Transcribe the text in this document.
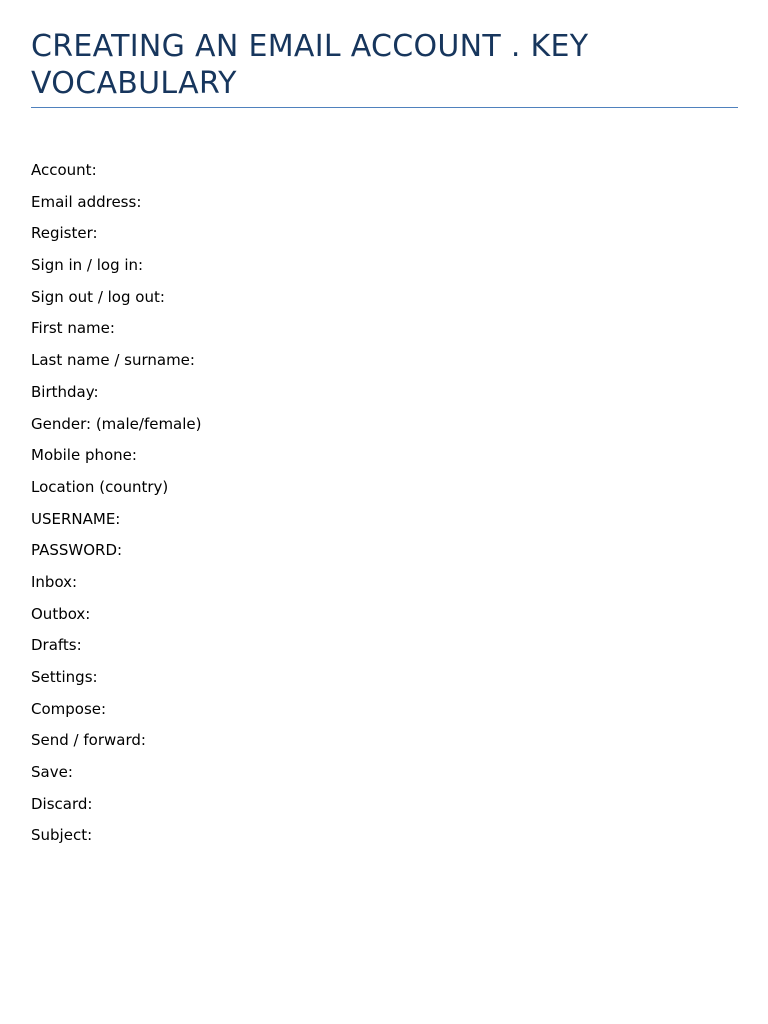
CREATING AN EMAIL ACCOUNT . KEY VOCABULARY
Account:
Email address:
Register:
Sign in / log in:
Sign out / log out:
First name:
Last name / surname:
Birthday:
Gender: (male/female)
Mobile phone:
Location (country)
USERNAME:
PASSWORD:
Inbox:
Outbox:
Drafts:
Settings:
Compose:
Send / forward:
Save:
Discard:
Subject:
